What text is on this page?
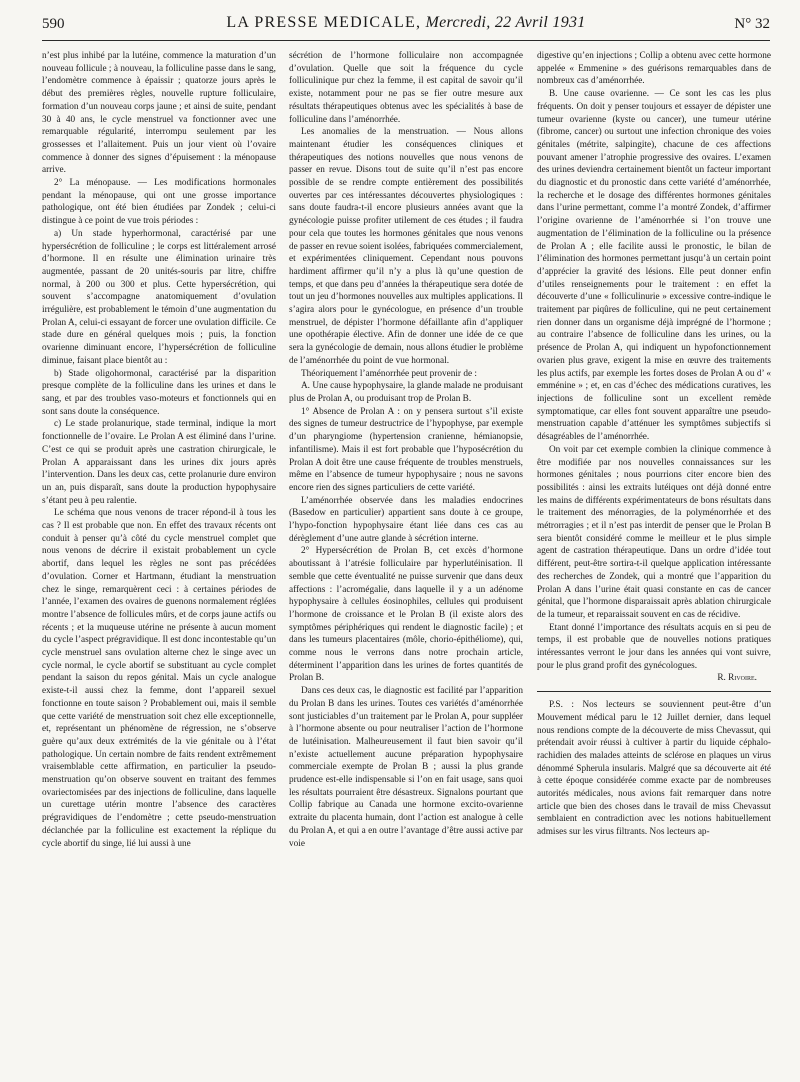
590	LA PRESSE MEDICALE, Mercredi, 22 Avril 1931	N° 32

n’est plus inhibé par la lutéine, commence la maturation d’un nouveau follicule ; à nouveau, la folliculine passe dans le sang, l’endomètre commence à épaissir ; quatorze jours après le début des premières règles, nouvelle rupture folliculaire, formation d’un nouveau corps jaune ; et ainsi de suite, pendant 30 à 40 ans, le cycle menstruel va fonctionner avec une remarquable régularité, interrompu seulement par les grossesses et l’allaitement. Puis un jour vient où l’ovaire commence à donner des signes d’épuisement : la ménopause arrive.

2° La ménopause. — Les modifications hormonales pendant la ménopause, qui ont une grosse importance pathologique, ont été bien étudiées par Zondek ; celui-ci distingue à ce point de vue trois périodes :

a) Un stade hyperhormonal, caractérisé par une hypersécrétion de folliculine ; le corps est littéralement arrosé d’hormone. Il en résulte une élimination urinaire très augmentée, passant de 20 unités-souris par litre, chiffre normal, à 200 ou 300 et plus. Cette hypersécrétion, qui souvent s’accompagne anatomiquement d’ovulation irrégulière, est probablement le témoin d’une augmentation du Prolan A, celui-ci essayant de forcer une ovulation difficile. Ce stade dure en général quelques mois ; puis, la fonction ovarienne diminuant encore, l’hypersécrétion de folliculine diminue, faisant place bientôt au :

b) Stade oligohormonal, caractérisé par la disparition presque complète de la folliculine dans les urines et dans le sang, et par des troubles vaso-moteurs et fonctionnels qui en sont sans doute la conséquence.

c) Le stade prolanurique, stade terminal, indique la mort fonctionnelle de l’ovaire. Le Prolan A est éliminé dans l’urine. C’est ce qui se produit après une castration chirurgicale, le Prolan A apparaissant dans les urines dix jours après l’intervention. Dans les deux cas, cette prolanurie dure environ un an, puis disparaît, sans doute la production hypophysaire s’étant peu à peu ralentie.

Le schéma que nous venons de tracer répond-il à tous les cas ? Il est probable que non. En effet des travaux récents ont conduit à penser qu’à côté du cycle menstruel complet que nous venons de décrire il existait probablement un cycle abortif, dans lequel les règles ne sont pas précédées d’ovulation. Corner et Hartmann, étudiant la menstruation chez le singe, remarquèrent ceci : à certaines périodes de l’année, l’examen des ovaires de guenons normalement réglées montre l’absence de follicules mûrs, et de corps jaune actifs ou récents ; et la muqueuse utérine ne présente à aucun moment du cycle l’aspect prégravidique. Il est donc incontestable qu’un cycle menstruel sans ovulation alterne chez le singe avec un cycle normal, le cycle abortif se substituant au cycle complet pendant la saison du repos génital. Mais un cycle analogue existe-t-il aussi chez la femme, dont l’appareil sexuel fonctionne en toute saison ? Probablement oui, mais il semble que cette variété de menstruation soit chez elle exceptionnelle, et, représentant un phénomène de régression, ne s’observe guère qu’aux deux extrémités de la vie génitale ou à l’état pathologique. Un certain nombre de faits rendent extrêmement vraisemblable cette affirmation, en particulier la pseudo-menstruation qu’on observe souvent en traitant des femmes ovariectomisées par des injections de folliculine, dans laquelle un curettage utérin montre l’absence des caractères prégravidiques de l’endomètre ; cette pseudo-menstruation déclanchée par la folliculine est exactement la réplique du cycle abortif du singe, lié lui aussi à une

sécrétion de l’hormone folliculaire non accompagnée d’ovulation. Quelle que soit la fréquence du cycle folliculinique pur chez la femme, il est capital de savoir qu’il existe, notamment pour ne pas se fier outre mesure aux résultats thérapeutiques obtenus avec les spécialités à base de folliculine dans l’aménorrhée.

Les anomalies de la menstruation. — Nous allons maintenant étudier les conséquences cliniques et thérapeutiques des notions nouvelles que nous venons de passer en revue. Disons tout de suite qu’il n’est pas encore possible de se rendre compte entièrement des possibilités ouvertes par ces intéressantes découvertes physiologiques : sans doute faudra-t-il encore plusieurs années avant que la gynécologie puisse profiter utilement de ces études ; il faudra pour cela que toutes les hormones génitales que nous venons de passer en revue soient isolées, fabriquées commercialement, et expérimentées cliniquement. Cependant nous pouvons hardiment affirmer qu’il n’y a plus là qu’une question de temps, et que dans peu d’années la thérapeutique sera dotée de tout un jeu d’hormones nouvelles aux multiples applications. Il s’agira alors pour le gynécologue, en présence d’un trouble menstruel, de dépister l’hormone défaillante afin d’appliquer une opothérapie élective. Afin de donner une idée de ce que sera la gynécologie de demain, nous allons étudier le problème de l’aménorrhée du point de vue hormonal.

Théoriquement l’aménorrhée peut provenir de :

A. Une cause hypophysaire, la glande malade ne produisant plus de Prolan A, ou produisant trop de Prolan B.

1° Absence de Prolan A : on y pensera surtout s’il existe des signes de tumeur destructrice de l’hypophyse, par exemple d’un pharyngiome (hypertension cranienne, hémianopsie, infantilisme). Mais il est fort probable que l’hyposécrétion du Prolan A doit être une cause fréquente de troubles menstruels, même en l’absence de tumeur hypophysaire ; nous ne savons encore rien des signes particuliers de cette variété.

L’aménorrhée observée dans les maladies endocrines (Basedow en particulier) appartient sans doute à ce groupe, l’hypo-fonction hypophysaire étant liée dans ces cas au dérèglement d’une autre glande à sécrétion interne.

2° Hypersécrétion de Prolan B, cet excès d’hormone aboutissant à l’atrésie folliculaire par hyperlutéinisation. Il semble que cette éventualité ne puisse survenir que dans deux affections : l’acromégalie, dans laquelle il y a un adénome hypophysaire à cellules éosinophiles, cellules qui produisent l’hormone de croissance et le Prolan B (il existe alors des symptômes périphériques qui rendent le diagnostic facile) ; et dans les tumeurs placentaires (môle, chorio-épithéliome), qui, comme nous le verrons dans notre prochain article, déterminent l’apparition dans les urines de fortes quantités de Prolan B.

Dans ces deux cas, le diagnostic est facilité par l’apparition du Prolan B dans les urines. Toutes ces variétés d’aménorrhée sont justiciables d’un traitement par le Prolan A, pour suppléer à l’hormone absente ou pour neutraliser l’action de l’hormone de lutéinisation. Malheureusement il faut bien savoir qu’il n’existe actuellement aucune préparation hypophysaire commerciale exempte de Prolan B ; aussi la plus grande prudence est-elle indispensable si l’on en fait usage, sans quoi les résultats pourraient être désastreux. Signalons pourtant que Collip fabrique au Canada une hormone excito-ovarienne extraite du placenta humain, dont l’action est analogue à celle du Prolan A, et qui a en outre l’avantage d’être aussi active par voie

digestive qu’en injections ; Collip a obtenu avec cette hormone appelée « Emmenine » des guérisons remarquables dans de nombreux cas d’aménorrhée.

B. Une cause ovarienne. — Ce sont les cas les plus fréquents. On doit y penser toujours et essayer de dépister une tumeur ovarienne (kyste ou cancer), une tumeur utérine (fibrome, cancer) ou surtout une infection chronique des voies génitales (métrite, salpingite), chacune de ces affections pouvant amener l’atrophie progressive des ovaires. L’examen des urines deviendra certainement bientôt un facteur important du diagnostic et du pronostic dans cette variété d’aménorrhée, la recherche et le dosage des différentes hormones génitales dans l’urine permettant, comme l’a montré Zondek, d’affirmer l’origine ovarienne de l’aménorrhée si l’on trouve une augmentation de l’élimination de la folliculine ou la présence de Prolan A ; elle facilite aussi le pronostic, le bilan de l’élimination des hormones permettant jusqu’à un certain point d’apprécier la gravité des lésions. Elle peut donner enfin d’utiles renseignements pour le traitement : en effet la découverte d’une « folliculinurie » excessive contre-indique le traitement par piqûres de folliculine, qui ne peut certainement rien donner dans un organisme déjà imprégné de l’hormone ; au contraire l’absence de folliculine dans les urines, ou la présence de Prolan A, qui indiquent un hypofonctionnement ovarien plus grave, exigent la mise en œuvre des traitements les plus actifs, par exemple les fortes doses de Prolan A ou d’ « emménine » ; et, en cas d’échec des médications curatives, les injections de folliculine sont un excellent remède symptomatique, car elles font souvent apparaître une pseudo-menstruation capable d’atténuer les symptômes subjectifs si désagréables de l’aménorrhée.

On voit par cet exemple combien la clinique commence à être modifiée par nos nouvelles connaissances sur les hormones génitales ; nous pourrions citer encore bien des possibilités : ainsi les extraits lutéiques ont déjà donné entre les mains de différents expérimentateurs de bons résultats dans le traitement des ménorragies, de la polyménorrhée et des métrorragies ; et il n’est pas interdit de penser que le Prolan B sera bientôt considéré comme le meilleur et le plus simple agent de castration thérapeutique. Dans un ordre d’idée tout différent, peut-être sortira-t-il quelque application intéressante des recherches de Zondek, qui a montré que l’apparition du Prolan A dans l’urine était quasi constante en cas de cancer génital, que l’hormone disparaissait après ablation chirurgicale de la tumeur, et reparaissait souvent en cas de récidive.

Etant donné l’importance des résultats acquis en si peu de temps, il est probable que de nouvelles notions pratiques intéressantes verront le jour dans les années qui vont suivre, pour le plus grand profit des gynécologues.

R. Rivoire.

P.S. : Nos lecteurs se souviennent peut-être d’un Mouvement médical paru le 12 Juillet dernier, dans lequel nous rendions compte de la découverte de miss Chevassut, qui prétendait avoir réussi à cultiver à partir du liquide céphalo-rachidien des malades atteints de sclérose en plaques un virus dénommé Spherula insularis. Malgré que sa découverte ait été à cette époque considérée comme exacte par de nombreuses autorités médicales, nous avions fait remarquer dans notre article que bien des choses dans le travail de miss Chevassut semblaient en contradiction avec les notions habituellement admises sur les virus filtrants. Nos lecteurs ap-
